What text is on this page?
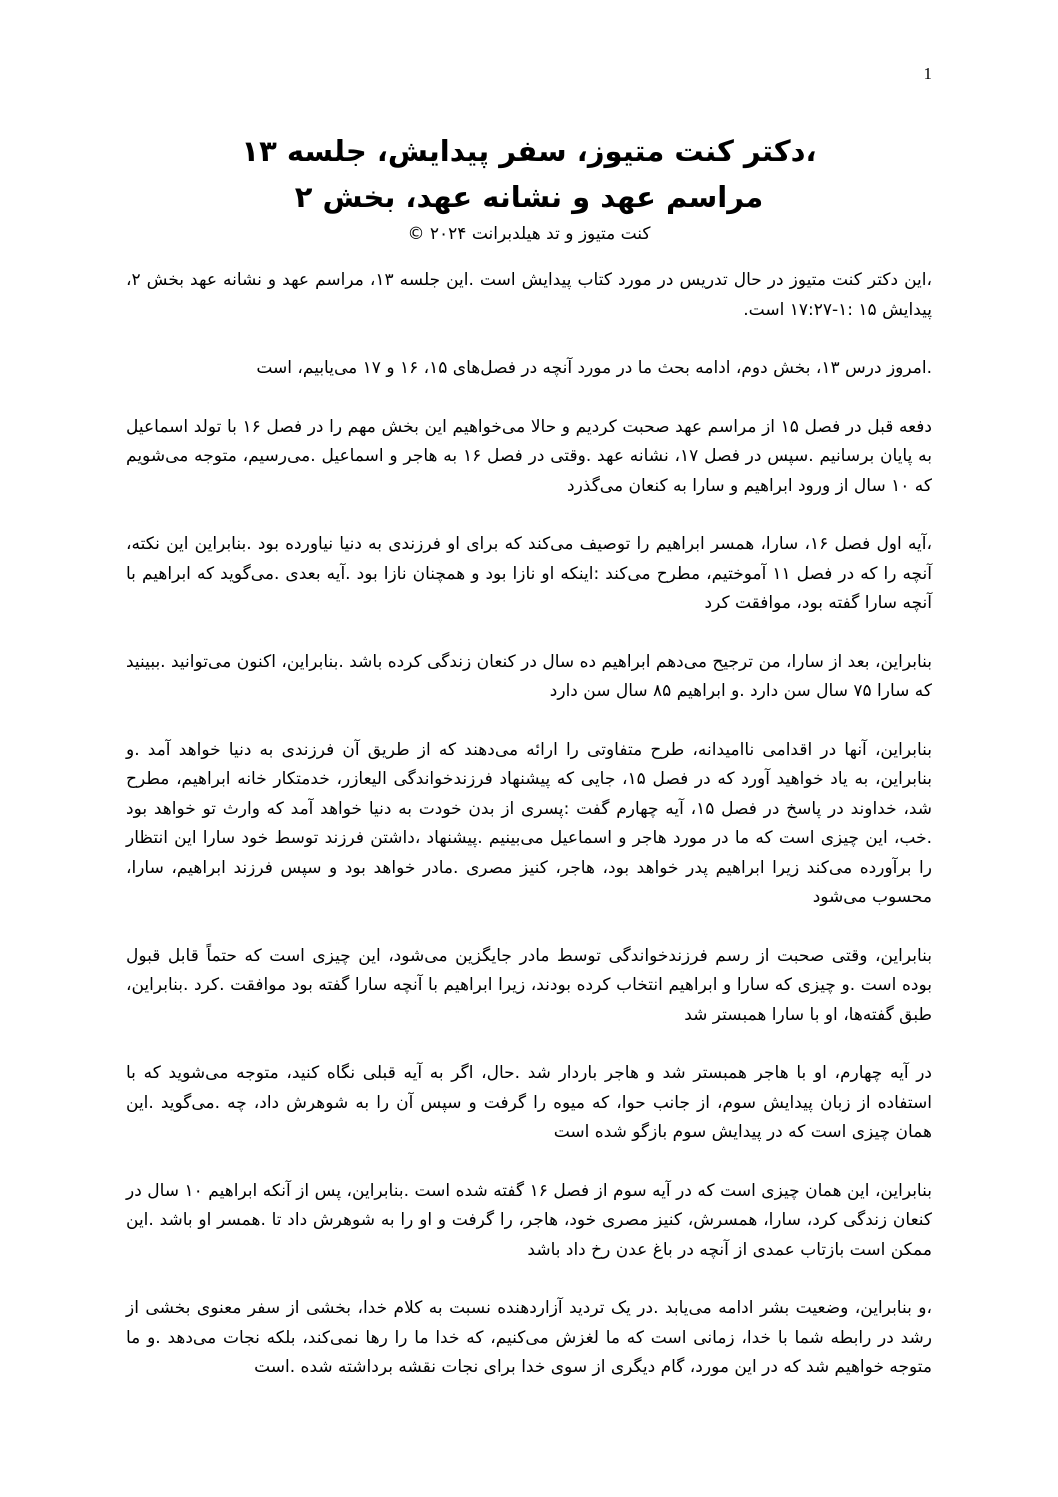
1
،دکتر کنت متیوز، سفر پیدایش، جلسه ۱۳
مراسم عهد و نشانه عهد، بخش ۲
کنت متیوز و تد هیلدبرانت ۲۰۲۴ ©

،این دکتر کنت متیوز در حال تدریس در مورد کتاب پیدایش است .این جلسه ۱۳، مراسم عهد و نشانه عهد بخش ۲، پیدایش ۱۵ :۱-۱۷:۲۷ است.

.امروز درس ۱۳، بخش دوم، ادامه بحث ما در مورد آنچه در فصل‌های ۱۵، ۱۶ و ۱۷ می‌یابیم، است

دفعه قبل در فصل ۱۵ از مراسم عهد صحبت کردیم و حالا می‌خواهیم این بخش مهم را در فصل ۱۶ با تولد اسماعیل به پایان برسانیم .سپس در فصل ۱۷، نشانه عهد .وقتی در فصل ۱۶ به هاجر و اسماعیل .می‌رسیم، متوجه می‌شویم که ۱۰ سال از ورود ابراهیم و سارا به کنعان می‌گذرد

،آیه اول فصل ۱۶، سارا، همسر ابراهیم را توصیف می‌کند که برای او فرزندی به دنیا نیاورده بود .بنابراین این نکته، آنچه را که در فصل ۱۱ آموختیم، مطرح می‌کند :اینکه او نازا بود و همچنان نازا بود .آیه بعدی .می‌گوید که ابراهیم با آنچه سارا گفته بود، موافقت کرد

بنابراین، بعد از سارا، من ترجیح می‌دهم ابراهیم ده سال در کنعان زندگی کرده باشد .بنابراین، اکنون می‌توانید .ببینید که سارا ۷۵ سال سن دارد .و ابراهیم ۸۵ سال سن دارد

بنابراین، آنها در اقدامی ناامیدانه، طرح متفاوتی را ارائه می‌دهند که از طریق آن فرزندی به دنیا خواهد آمد .و بنابراین، به یاد خواهید آورد که در فصل ۱۵، جایی که پیشنهاد فرزندخواندگی الیعازر، خدمتکار خانه ابراهیم، مطرح شد، خداوند در پاسخ در فصل ۱۵، آیه چهارم گفت :پسری از بدن خودت به دنیا خواهد آمد که وارث تو خواهد بود .خب، این چیزی است که ما در مورد هاجر و اسماعیل می‌بینیم .پیشنهاد ،داشتن فرزند توسط خود سارا این انتظار را برآورده می‌کند زیرا ابراهیم پدر خواهد بود، هاجر، کنیز مصری .مادر خواهد بود و سپس فرزند ابراهیم، سارا، محسوب می‌شود

بنابراین، وقتی صحبت از رسم فرزندخواندگی توسط مادر جایگزین می‌شود، این چیزی است که حتماً قابل قبول بوده است .و چیزی که سارا و ابراهیم انتخاب کرده بودند، زیرا ابراهیم با آنچه سارا گفته بود موافقت .کرد .بنابراین، طبق گفته‌ها، او با سارا همبستر شد

در آیه چهارم، او با هاجر همبستر شد و هاجر باردار شد .حال، اگر به آیه قبلی نگاه کنید، متوجه می‌شوید که با استفاده از زبان پیدایش سوم، از جانب حوا، که میوه را گرفت و سپس آن را به شوهرش داد، چه .می‌گوید .این همان چیزی است که در پیدایش سوم بازگو شده است

بنابراین، این همان چیزی است که در آیه سوم از فصل ۱۶ گفته شده است .بنابراین، پس از آنکه ابراهیم ۱۰ سال در کنعان زندگی کرد، سارا، همسرش، کنیز مصری خود، هاجر، را گرفت و او را به شوهرش داد تا .همسر او باشد .این ممکن است بازتاب عمدی از آنچه در باغ عدن رخ داد باشد

،و بنابراین، وضعیت بشر ادامه می‌یابد .در یک تردید آزاردهنده نسبت به کلام خدا، بخشی از سفر معنوی بخشی از رشد در رابطه شما با خدا، زمانی است که ما لغزش می‌کنیم، که خدا ما را رها نمی‌کند، بلکه نجات می‌دهد .و ما متوجه خواهیم شد که در این مورد، گام دیگری از سوی خدا برای نجات نقشه برداشته شده .است
